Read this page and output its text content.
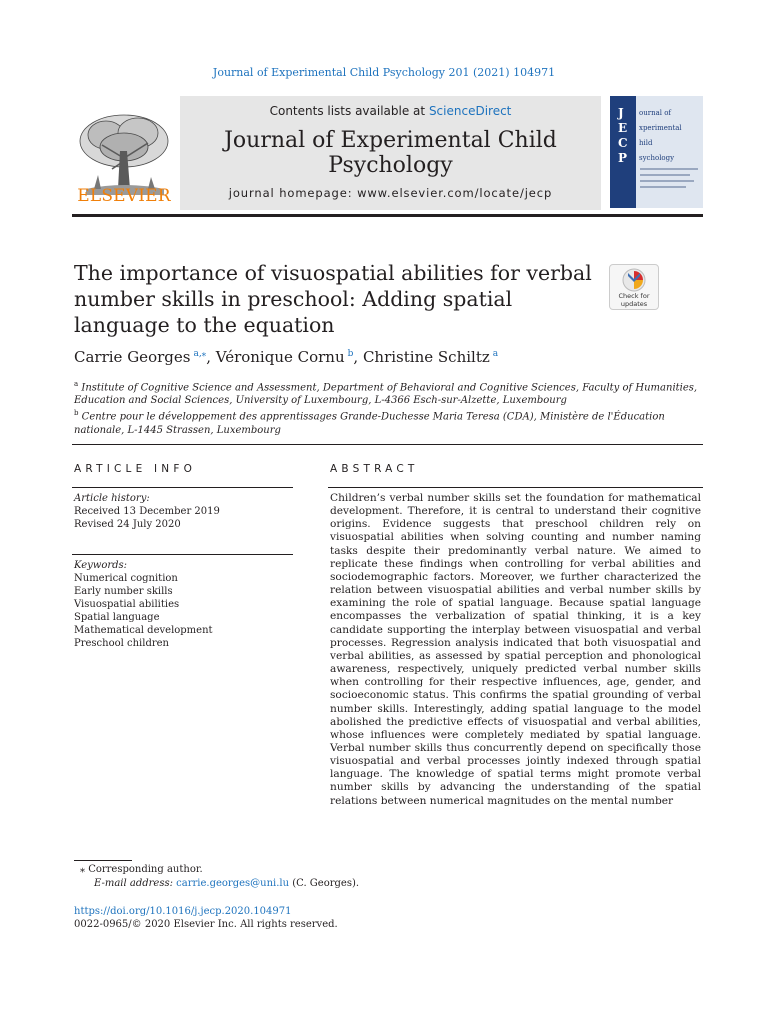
Journal of Experimental Child Psychology 201 (2021) 104971
ELSEVIER
Contents lists available at ScienceDirect
Journal of Experimental Child Psychology
journal homepage: www.elsevier.com/locate/jecp
J ournal of
E xperimental
C hild
P sychology
The importance of visuospatial abilities for verbal number skills in preschool: Adding spatial language to the equation
Check for
updates
Carrie Georges  $^{a,⁎}$, Véronique Cornu  $^b$, Christine Schiltz  $^a$
$^a$ Institute of Cognitive Science and Assessment, Department of Behavioral and Cognitive Sciences, Faculty of Humanities, Education and Social Sciences, University of Luxembourg, L-4366 Esch-sur-Alzette, Luxembourg
$^b$ Centre pour le développement des apprentissages Grande-Duchesse Maria Teresa (CDA), Ministère de l'Éducation nationale, L-1445 Strassen, Luxembourg
ARTICLE INFO
Article history:
Received 13 December 2019
Revised 24 July 2020
Keywords:
Numerical cognition
Early number skills
Visuospatial abilities
Spatial language
Mathematical development
Preschool children
ABSTRACT

Children’s verbal number skills set the foundation for mathematical development. Therefore, it is central to understand their cognitive origins. Evidence suggests that preschool children rely on visuospatial abilities when solving counting and number naming tasks despite their predominantly verbal nature. We aimed to replicate these findings when controlling for verbal abilities and sociodemographic factors. Moreover, we further characterized the relation between visuospatial abilities and verbal number skills by examining the role of spatial language. Because spatial language encompasses the verbalization of spatial thinking, it is a key candidate supporting the interplay between visuospatial and verbal processes. Regression analysis indicated that both visuospatial and verbal abilities, as assessed by spatial perception and phonological awareness, respectively, uniquely predicted verbal number skills when controlling for their respective influences, age, gender, and socioeconomic status. This confirms the spatial grounding of verbal number skills. Interestingly, adding spatial language to the model abolished the predictive effects of visuospatial and verbal abilities, whose influences were completely mediated by spatial language. Verbal number skills thus concurrently depend on specifically those visuospatial and verbal processes jointly indexed through spatial language. The knowledge of spatial terms might promote verbal number skills by advancing the understanding of the spatial relations between numerical magnitudes on the mental number

⁎ Corresponding author.
E-mail address: carrie.georges@uni.lu (C. Georges).
https://doi.org/10.1016/j.jecp.2020.104971
0022-0965/© 2020 Elsevier Inc. All rights reserved.
